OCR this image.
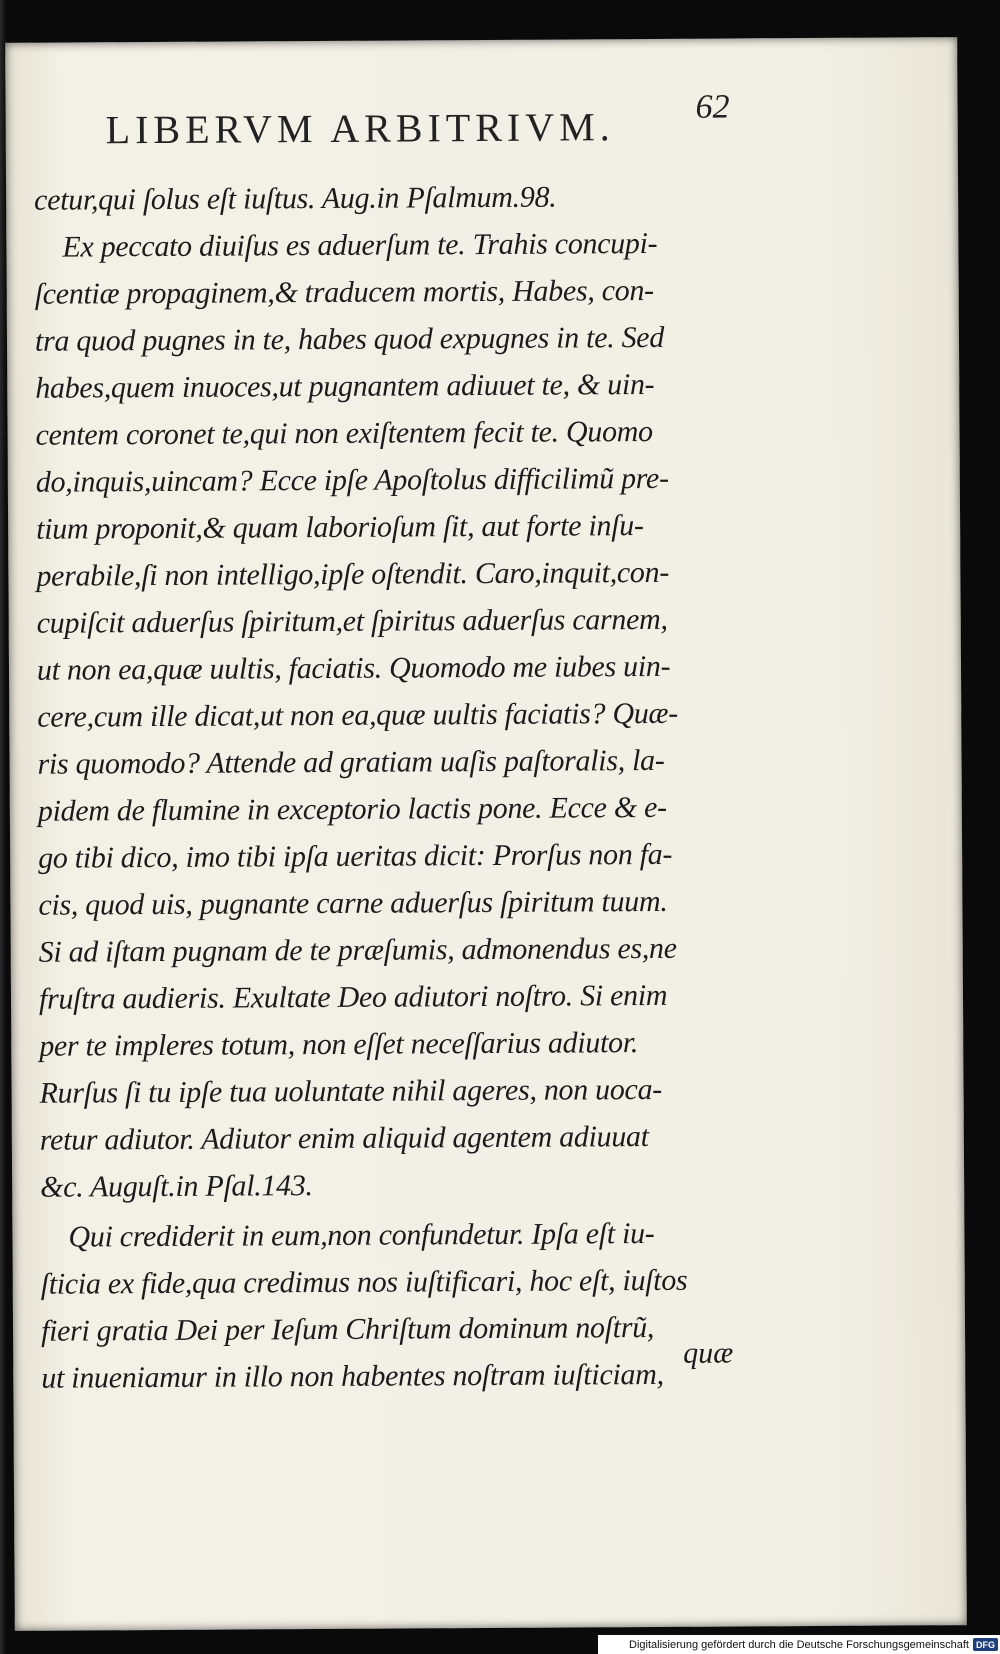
LIBERVM ARBITRIVM. 62
cetur,qui ſolus eſt iuſtus. Aug.in Pſalmum.98.
Ex peccato diuiſus es aduerſum te. Trahis concupi-
ſcentiæ propaginem,& traducem mortis, Habes, con-
tra quod pugnes in te, habes quod expugnes in te. Sed
habes,quem inuoces,ut pugnantem adiuuet te, & uin-
centem coronet te,qui non exiſtentem fecit te. Quomo
do,inquis,uincam? Ecce ipſe Apoſtolus difficilimũ pre-
tium proponit,& quam laborioſum ſit, aut forte inſu-
perabile,ſi non intelligo,ipſe oſtendit. Caro,inquit,con-
cupiſcit aduerſus ſpiritum,et ſpiritus aduerſus carnem,
ut non ea,quæ uultis, faciatis. Quomodo me iubes uin-
cere,cum ille dicat,ut non ea,quæ uultis faciatis? Quæ-
ris quomodo? Attende ad gratiam uaſis paſtoralis, la-
pidem de flumine in exceptorio lactis pone. Ecce & e-
go tibi dico, imo tibi ipſa ueritas dicit: Prorſus non fa-
cis, quod uis, pugnante carne aduerſus ſpiritum tuum.
Si ad iſtam pugnam de te præſumis, admonendus es,ne
fruſtra audieris. Exultate Deo adiutori noſtro. Si enim
per te impleres totum, non eſſet neceſſarius adiutor.
Rurſus ſi tu ipſe tua uoluntate nihil ageres, non uoca-
retur adiutor. Adiutor enim aliquid agentem adiuuat
&c. Auguſt.in Pſal.143.
Qui crediderit in eum,non confundetur. Ipſa eſt iu-
ſticia ex fide,qua credimus nos iuſtificari, hoc eſt, iuſtos
fieri gratia Dei per Ieſum Chriſtum dominum noſtrũ,
ut inueniamur in illo non habentes noſtram iuſticiam,
quæ
Digitalisierung gefördert durch die Deutsche Forschungsgemeinschaft DFG
